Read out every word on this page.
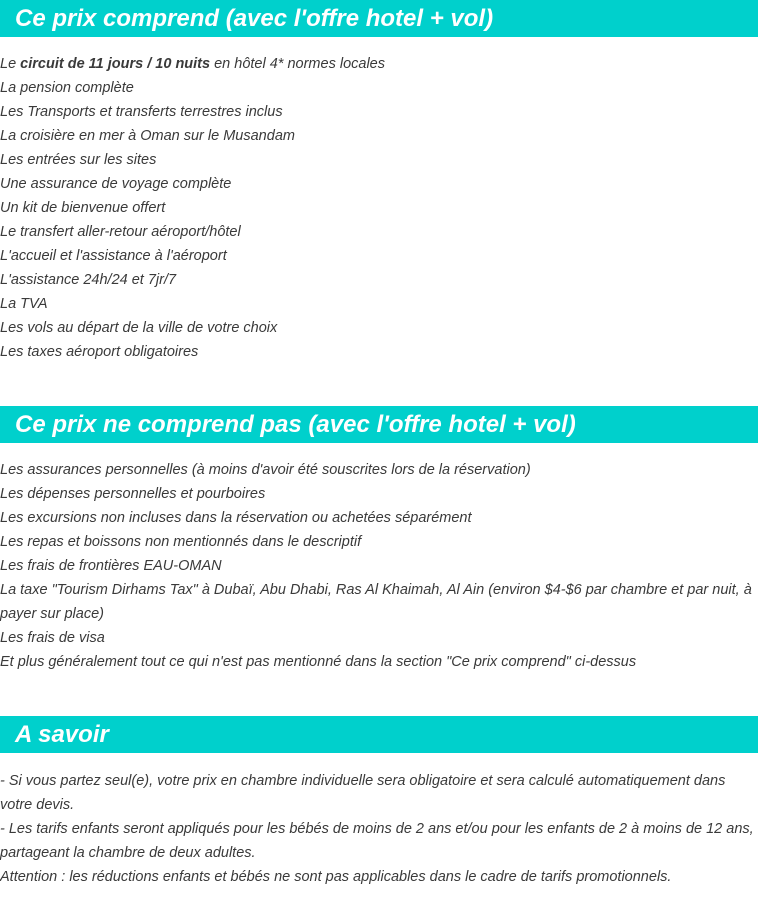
Ce prix comprend (avec l'offre hotel + vol)
Le circuit de 11 jours / 10 nuits en hôtel 4* normes locales
La pension complète
Les Transports et transferts terrestres inclus
La croisière en mer à Oman sur le Musandam
Les entrées sur les sites
Une assurance de voyage complète
Un kit de bienvenue offert
Le transfert aller-retour aéroport/hôtel
L'accueil et l'assistance à l'aéroport
L'assistance 24h/24 et 7jr/7
La TVA
Les vols au départ de la ville de votre choix
Les taxes aéroport obligatoires
Ce prix ne comprend pas (avec l'offre hotel + vol)
Les assurances personnelles (à moins d'avoir été souscrites lors de la réservation)
Les dépenses personnelles et pourboires
Les excursions non incluses dans la réservation ou achetées séparément
Les repas et boissons non mentionnés dans le descriptif
Les frais de frontières EAU-OMAN
La taxe "Tourism Dirhams Tax" à Dubaï, Abu Dhabi, Ras Al Khaimah, Al Ain (environ $4-$6 par chambre et par nuit, à payer sur place)
Les frais de visa
Et plus généralement tout ce qui n'est pas mentionné dans la section "Ce prix comprend" ci-dessus
A savoir
- Si vous partez seul(e), votre prix en chambre individuelle sera obligatoire et sera calculé automatiquement dans votre devis.
- Les tarifs enfants seront appliqués pour les bébés de moins de 2 ans et/ou pour les enfants de 2 à moins de 12 ans, partageant la chambre de deux adultes.
Attention : les réductions enfants et bébés ne sont pas applicables dans le cadre de tarifs promotionnels.
